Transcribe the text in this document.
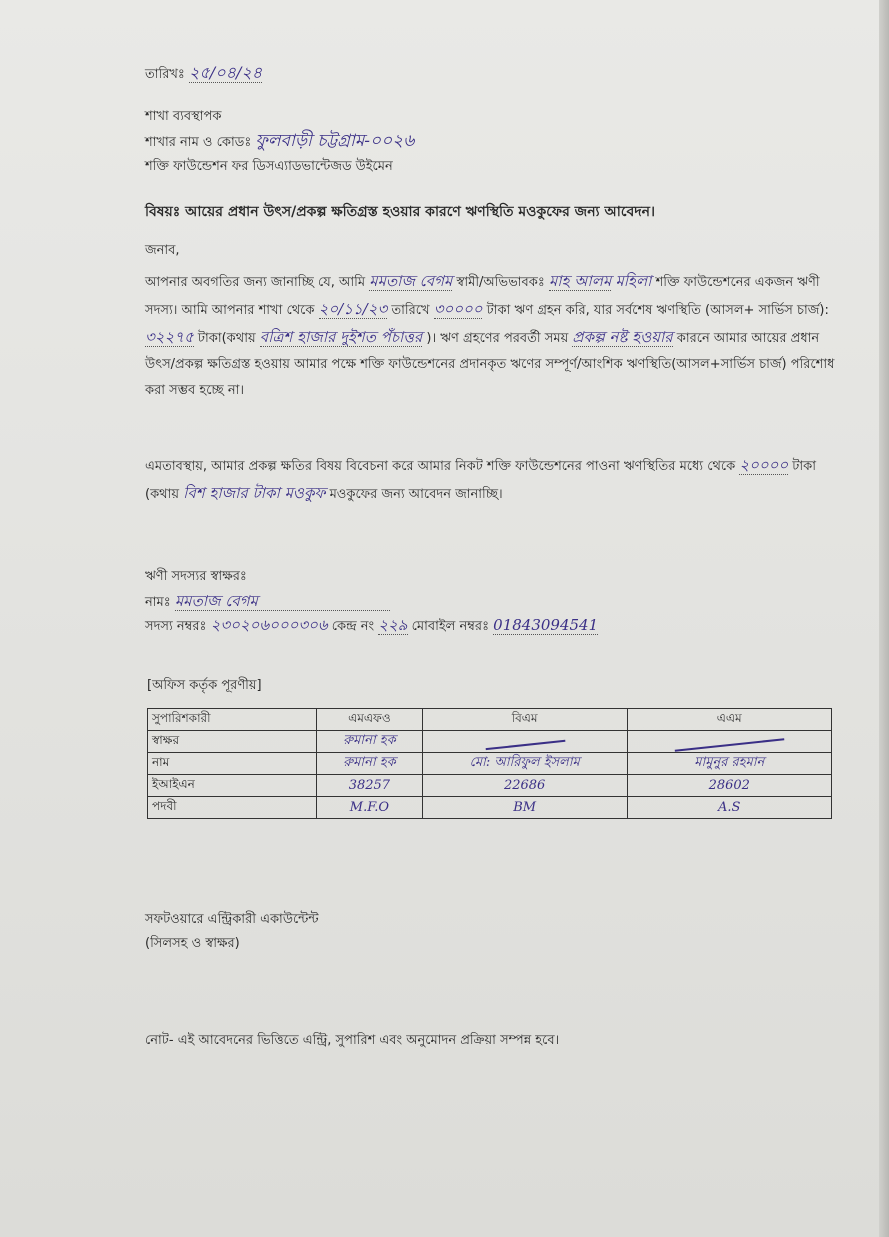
তারিখঃ ২৫/০৪/২৪
শাখা ব্যবস্থাপক
শাখার নাম ও কোডঃ ফুলবাড়ী চট্টগ্রাম-০০২৬
শক্তি ফাউন্ডেশন ফর ডিসএ্যাডভান্টেজড উইমেন
বিষয়ঃ আয়ের প্রধান উৎস/প্রকল্প ক্ষতিগ্রস্ত হওয়ার কারণে ঋণস্থিতি মওকুফের জন্য আবেদন।
জনাব,
আপনার অবগতির জন্য জানাচ্ছি যে, আমি মমতাজ বেগম স্বামী/অভিভাবকঃ মাহ আলম মহিলা শক্তি ফাউন্ডেশনের একজন ঋণী সদস্য। আমি আপনার শাখা থেকে ২০/১১/২৩ তারিখে ৩০০০০ টাকা ঋণ গ্রহন করি, যার সর্বশেষ ঋণস্থিতি (আসল+ সার্ভিস চার্জ): ৩২২৭৫ টাকা(কথায় বত্রিশ হাজার দুইশত পঁচাত্তর )। ঋণ গ্রহণের পরবর্তী সময় প্রকল্প নষ্ট হওয়ার কারনে আমার আয়ের প্রধান উৎস/প্রকল্প ক্ষতিগ্রস্ত হওয়ায় আমার পক্ষে শক্তি ফাউন্ডেশনের প্রদানকৃত ঋণের সম্পূর্ণ/আংশিক ঋণস্থিতি(আসল+সার্ভিস চার্জ) পরিশোধ করা সম্ভব হচ্ছে না।
এমতাবস্থায়, আমার প্রকল্প ক্ষতির বিষয় বিবেচনা করে আমার নিকট শক্তি ফাউন্ডেশনের পাওনা ঋণস্থিতির মধ্যে থেকে ২০০০০ টাকা (কথায় বিশ হাজার টাকা মওকুফ মওকুফের জন্য আবেদন জানাচ্ছি।
ঋণী সদস্যর স্বাক্ষরঃ
নামঃ মমতাজ বেগম
সদস্য নম্বরঃ ২৩০২০৬০০০৩০৬ কেন্দ্র নং ২২৯ মোবাইল নম্বরঃ 01843094541
[অফিস কর্তৃক পূরণীয়]
সুপারিশকারী	এমএফও	বিএম	এএম
স্বাক্ষর	রুমানা হক		
নাম	রুমানা হক	মো: আরিফুল ইসলাম	মামুনুর রহমান
ইআইএন	38257	22686	28602
পদবী	M.F.O	BM	A.S
সফটওয়ারে এন্ট্রিকারী একাউন্টেন্ট
(সিলসহ ও স্বাক্ষর)
নোট- এই আবেদনের ভিত্তিতে এন্ট্রি, সুপারিশ এবং অনুমোদন প্রক্রিয়া সম্পন্ন হবে।
